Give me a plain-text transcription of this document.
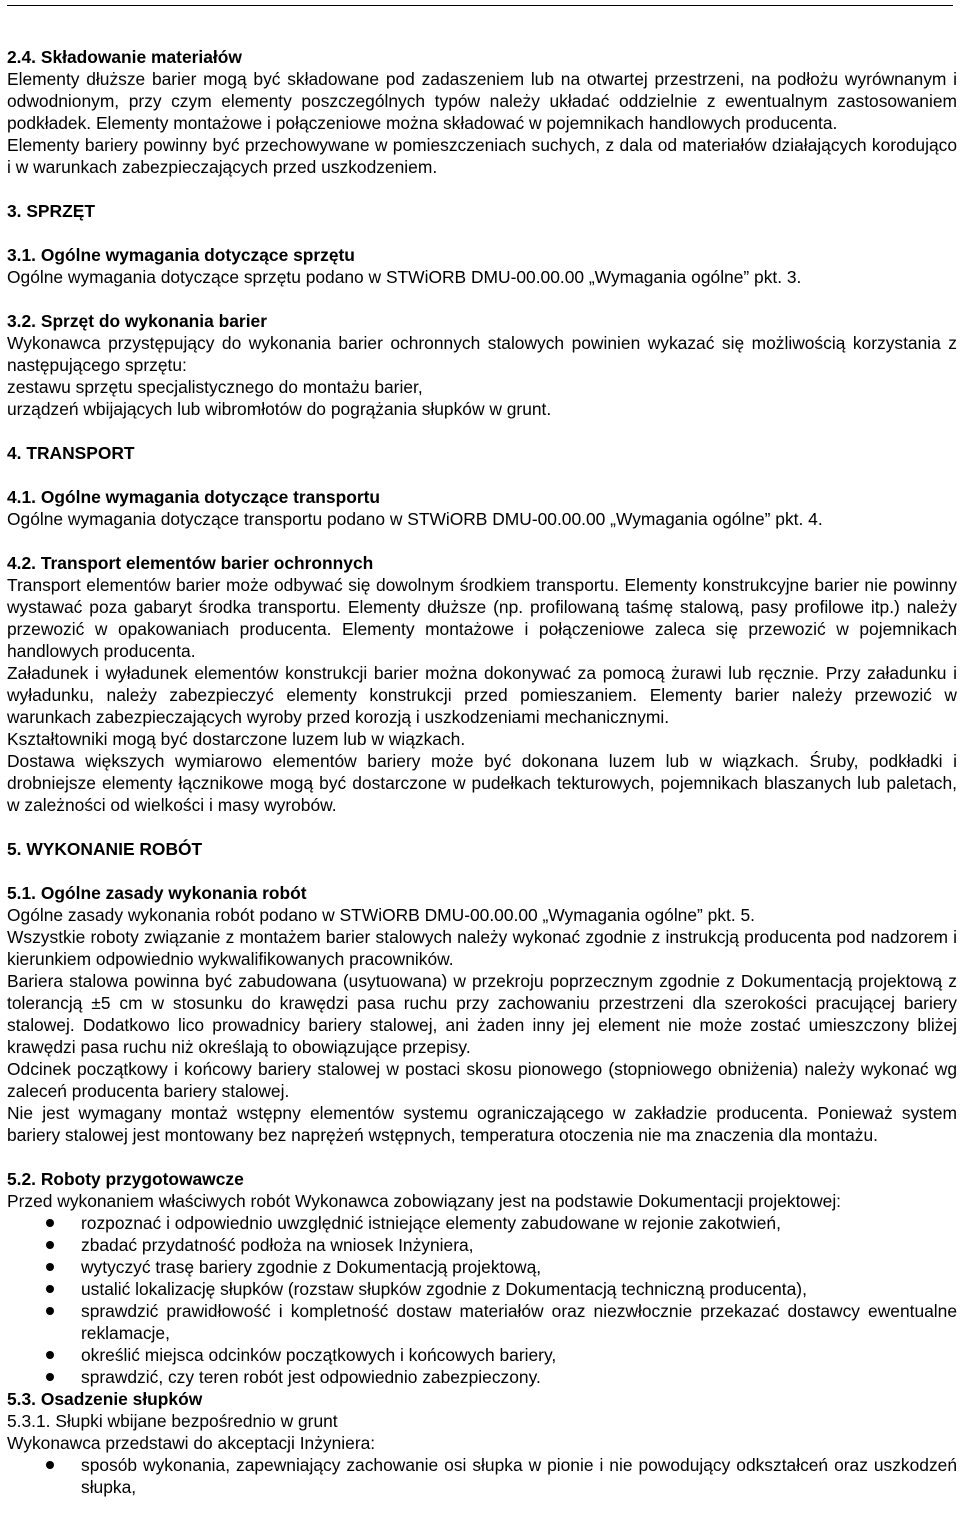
2.4. Składowanie materiałów

Elementy dłuższe barier mogą być składowane pod zadaszeniem lub na otwartej przestrzeni, na podłożu wyrównanym i odwodnionym, przy czym elementy poszczególnych typów należy układać oddzielnie z ewentualnym zastosowaniem podkładek. Elementy montażowe i połączeniowe można składować w pojemnikach handlowych producenta.

Elementy bariery powinny być przechowywane w pomieszczeniach suchych, z dala od materiałów działających korodująco i w warunkach zabezpieczających przed uszkodzeniem.

3. SPRZĘT

3.1. Ogólne wymagania dotyczące sprzętu

Ogólne wymagania dotyczące sprzętu podano w STWiORB DMU-00.00.00 „Wymagania ogólne” pkt. 3.

3.2. Sprzęt do wykonania barier

Wykonawca przystępujący do wykonania barier ochronnych stalowych powinien wykazać się możliwością korzystania z następującego sprzętu:

zestawu sprzętu specjalistycznego do montażu barier,

urządzeń wbijających lub wibromłotów do pogrążania słupków w grunt.

4. TRANSPORT

4.1. Ogólne wymagania dotyczące transportu

Ogólne wymagania dotyczące transportu podano w STWiORB DMU-00.00.00 „Wymagania ogólne” pkt. 4.

4.2. Transport elementów barier ochronnych

Transport elementów barier może odbywać się dowolnym środkiem transportu. Elementy konstrukcyjne barier nie powinny wystawać poza gabaryt środka transportu. Elementy dłuższe (np. profilowaną taśmę stalową, pasy profilowe itp.) należy przewozić w opakowaniach producenta. Elementy montażowe i połączeniowe zaleca się przewozić w pojemnikach handlowych producenta.

Załadunek i wyładunek elementów konstrukcji barier można dokonywać za pomocą żurawi lub ręcznie. Przy załadunku i wyładunku, należy zabezpieczyć elementy konstrukcji przed pomieszaniem. Elementy barier należy przewozić w warunkach zabezpieczających wyroby przed korozją i uszkodzeniami mechanicznymi.

Kształtowniki mogą być dostarczone luzem lub w wiązkach.

Dostawa większych wymiarowo elementów bariery może być dokonana luzem lub w wiązkach. Śruby, podkładki i drobniejsze elementy łącznikowe mogą być dostarczone w pudełkach tekturowych, pojemnikach blaszanych lub paletach, w zależności od wielkości i masy wyrobów.

5. WYKONANIE ROBÓT

5.1. Ogólne zasady wykonania robót

Ogólne zasady wykonania robót podano w STWiORB DMU-00.00.00 „Wymagania ogólne” pkt. 5.

Wszystkie roboty związanie z montażem barier stalowych należy wykonać zgodnie z instrukcją producenta pod nadzorem i kierunkiem odpowiednio wykwalifikowanych pracowników.

Bariera stalowa powinna być zabudowana (usytuowana) w przekroju poprzecznym zgodnie z Dokumentacją projektową z tolerancją ±5 cm w stosunku do krawędzi pasa ruchu przy zachowaniu przestrzeni dla szerokości pracującej bariery stalowej. Dodatkowo lico prowadnicy bariery stalowej, ani żaden inny jej element nie może zostać umieszczony bliżej krawędzi pasa ruchu niż określają to obowiązujące przepisy.

Odcinek początkowy i końcowy bariery stalowej w postaci skosu pionowego (stopniowego obniżenia) należy wykonać wg zaleceń producenta bariery stalowej.

Nie jest wymagany montaż wstępny elementów systemu ograniczającego w zakładzie producenta. Ponieważ system bariery stalowej jest montowany bez naprężeń wstępnych, temperatura otoczenia nie ma znaczenia dla montażu.

5.2. Roboty przygotowawcze

Przed wykonaniem właściwych robót Wykonawca zobowiązany jest na podstawie Dokumentacji projektowej:

rozpoznać i odpowiednio uwzględnić istniejące elementy zabudowane w rejonie zakotwień,
zbadać przydatność podłoża na wniosek Inżyniera,
wytyczyć trasę bariery zgodnie z Dokumentacją projektową,
ustalić lokalizację słupków (rozstaw słupków zgodnie z Dokumentacją techniczną producenta),
sprawdzić prawidłowość i kompletność dostaw materiałów oraz niezwłocznie przekazać dostawcy ewentualne reklamacje,
określić miejsca odcinków początkowych i końcowych bariery,
sprawdzić, czy teren robót jest odpowiednio zabezpieczony.

5.3. Osadzenie słupków

5.3.1. Słupki wbijane bezpośrednio w grunt

Wykonawca przedstawi do akceptacji Inżyniera:

sposób wykonania, zapewniający zachowanie osi słupka w pionie i nie powodujący odkształceń oraz uszkodzeń słupka,
